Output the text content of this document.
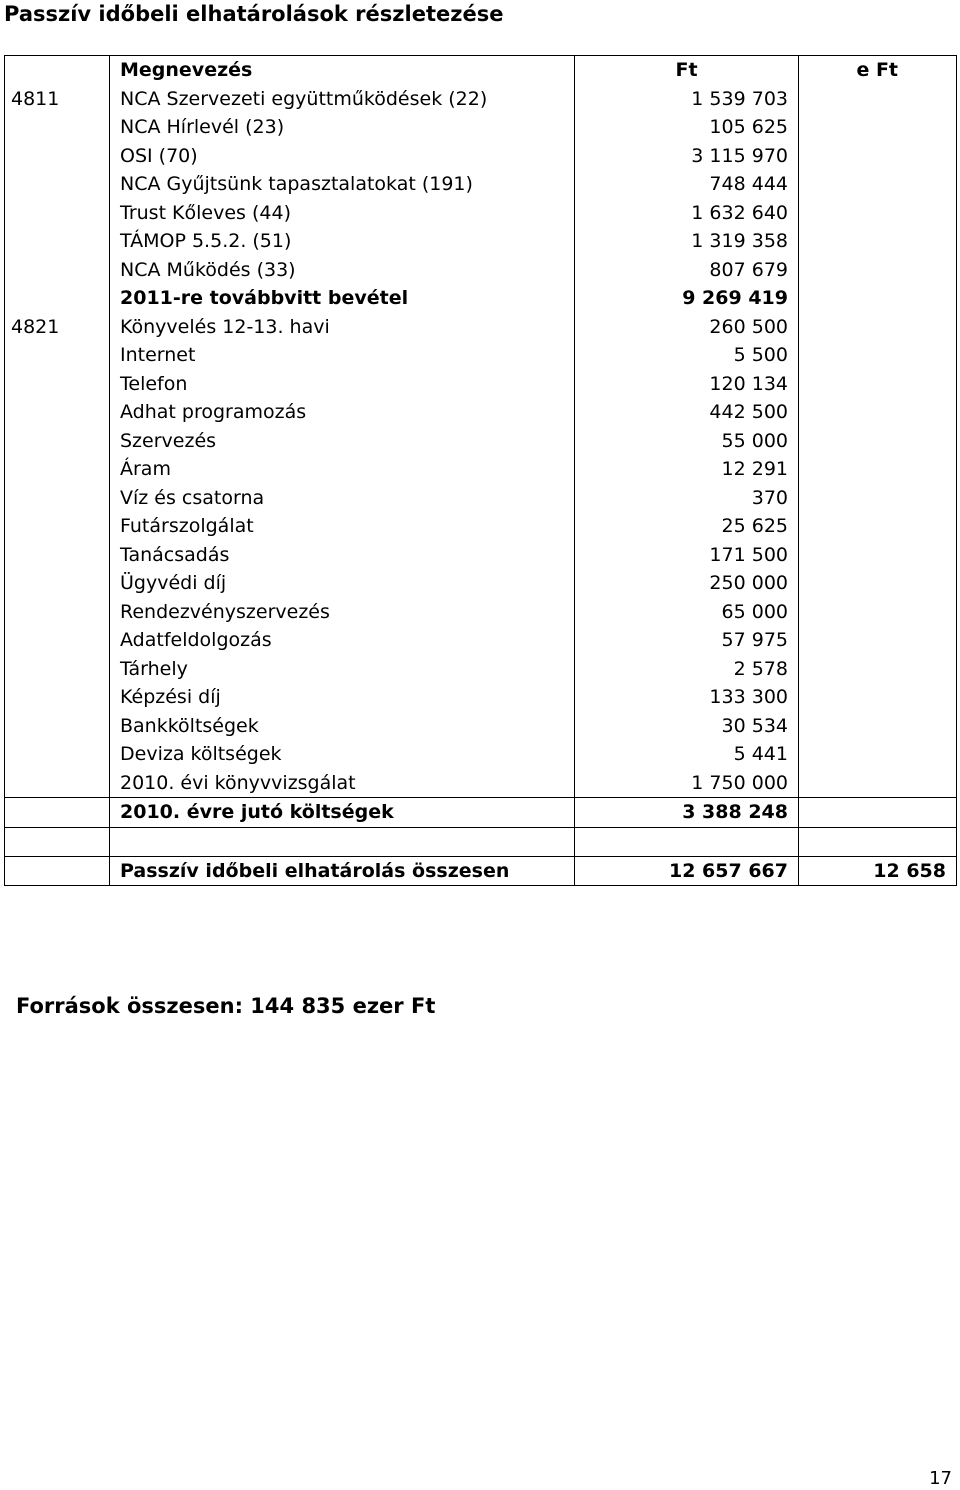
Passzív időbeli elhatárolások részletezése
	Megnevezés	Ft	e Ft
4811	NCA Szervezeti együttműködések (22)	1 539 703	
	NCA Hírlevél (23)	105 625	
	OSI (70)	3 115 970	
	NCA Gyűjtsünk tapasztalatokat (191)	748 444	
	Trust Kőleves (44)	1 632 640	
	TÁMOP 5.5.2. (51)	1 319 358	
	NCA Működés (33)	807 679	
	2011-re továbbvitt bevétel	9 269 419	
4821	Könyvelés 12-13. havi	260 500	
	Internet	5 500	
	Telefon	120 134	
	Adhat programozás	442 500	
	Szervezés	55 000	
	Áram	12 291	
	Víz és csatorna	370	
	Futárszolgálat	25 625	
	Tanácsadás	171 500	
	Ügyvédi díj	250 000	
	Rendezvényszervezés	65 000	
	Adatfeldolgozás	57 975	
	Tárhely	2 578	
	Képzési díj	133 300	
	Bankköltségek	30 534	
	Deviza költségek	5 441	
	2010. évi könyvvizsgálat	1 750 000	
	2010. évre jutó költségek	3 388 248	

	Passzív időbeli elhatárolás összesen	12 657 667	12 658
Források összesen: 144 835 ezer Ft
17
